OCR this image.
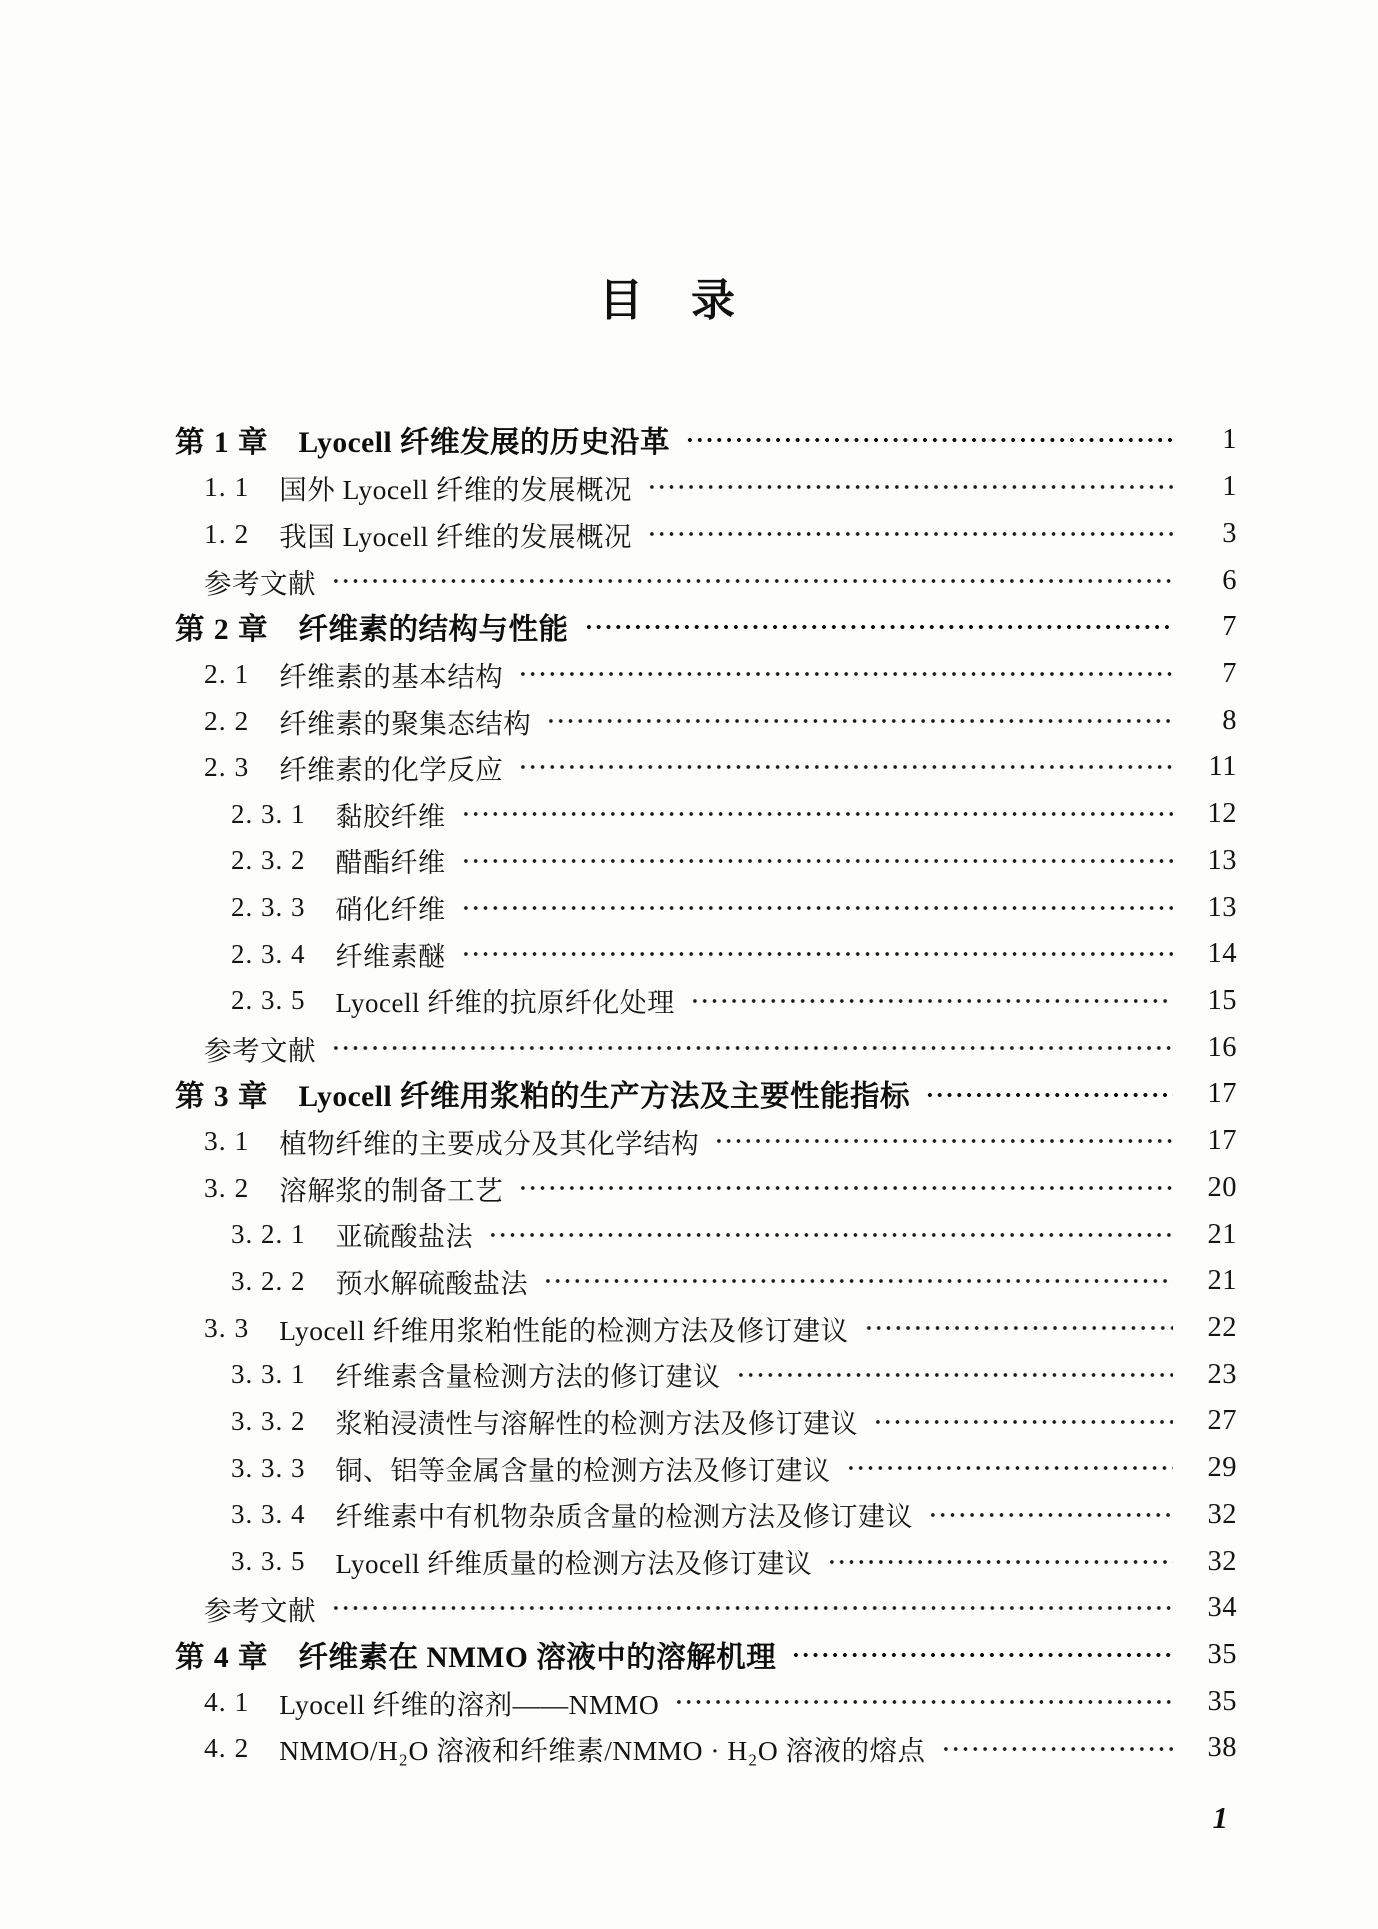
目　录
第 1 章 Lyocell 纤维发展的历史沿革	1
1. 1 国外 Lyocell 纤维的发展概况	1
1. 2 我国 Lyocell 纤维的发展概况	3
参考文献	6
第 2 章 纤维素的结构与性能	7
2. 1 纤维素的基本结构	7
2. 2 纤维素的聚集态结构	8
2. 3 纤维素的化学反应	11
2. 3. 1 黏胶纤维	12
2. 3. 2 醋酯纤维	13
2. 3. 3 硝化纤维	13
2. 3. 4 纤维素醚	14
2. 3. 5 Lyocell 纤维的抗原纤化处理	15
参考文献	16
第 3 章 Lyocell 纤维用浆粕的生产方法及主要性能指标	17
3. 1 植物纤维的主要成分及其化学结构	17
3. 2 溶解浆的制备工艺	20
3. 2. 1 亚硫酸盐法	21
3. 2. 2 预水解硫酸盐法	21
3. 3 Lyocell 纤维用浆粕性能的检测方法及修订建议	22
3. 3. 1 纤维素含量检测方法的修订建议	23
3. 3. 2 浆粕浸渍性与溶解性的检测方法及修订建议	27
3. 3. 3 铜、铝等金属含量的检测方法及修订建议	29
3. 3. 4 纤维素中有机物杂质含量的检测方法及修订建议	32
3. 3. 5 Lyocell 纤维质量的检测方法及修订建议	32
参考文献	34
第 4 章 纤维素在 NMMO 溶液中的溶解机理	35
4. 1 Lyocell 纤维的溶剂——NMMO	35
4. 2 NMMO/H₂O 溶液和纤维素/NMMO · H₂O 溶液的熔点	38
1
